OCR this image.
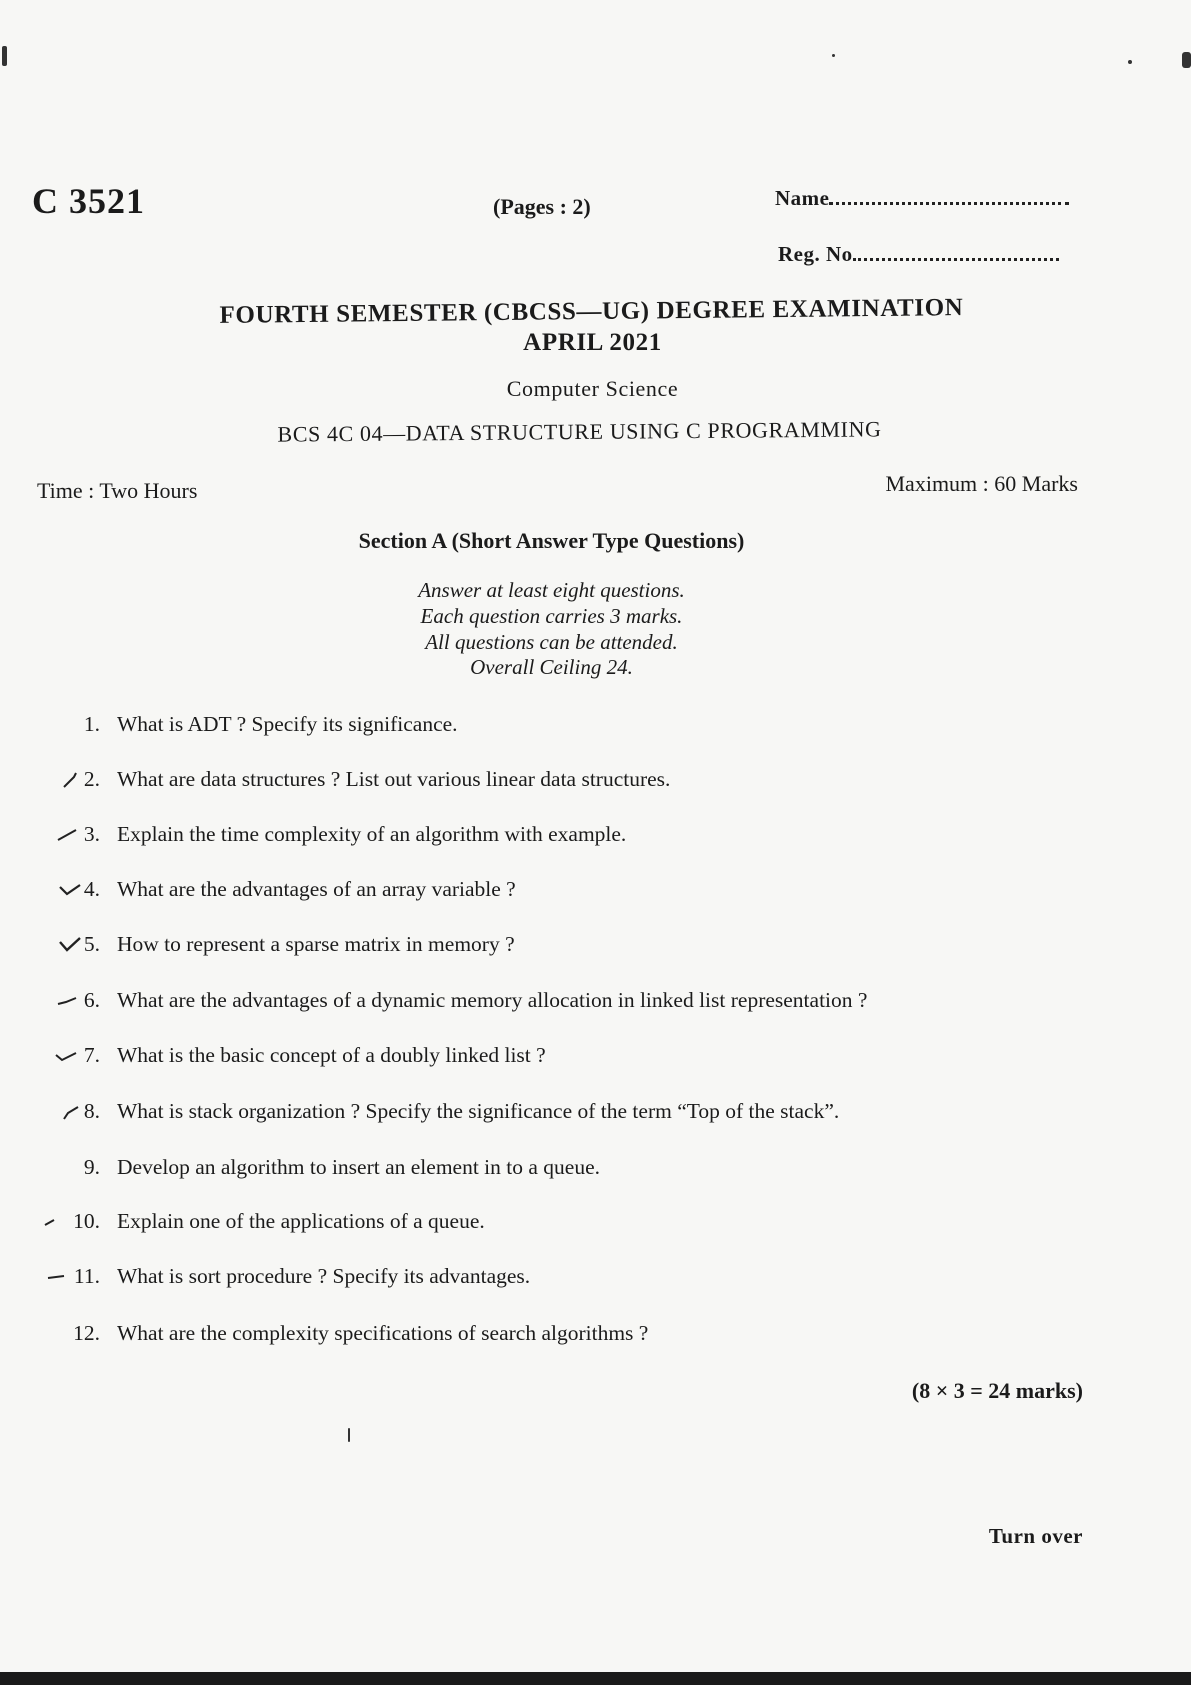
C 3521	(Pages : 2)	Name
Reg. No
FOURTH SEMESTER (CBCSS—UG) DEGREE EXAMINATION
APRIL 2021
Computer Science
BCS 4C 04—DATA STRUCTURE USING C PROGRAMMING
Time : Two Hours	Maximum : 60 Marks
Section A (Short Answer Type Questions)
Answer at least eight questions.
Each question carries 3 marks.
All questions can be attended.
Overall Ceiling 24.
1. What is ADT ? Specify its significance.
2. What are data structures ? List out various linear data structures.
3. Explain the time complexity of an algorithm with example.
4. What are the advantages of an array variable ?
5. How to represent a sparse matrix in memory ?
6. What are the advantages of a dynamic memory allocation in linked list representation ?
7. What is the basic concept of a doubly linked list ?
8. What is stack organization ? Specify the significance of the term “Top of the stack”.
9. Develop an algorithm to insert an element in to a queue.
10. Explain one of the applications of a queue.
11. What is sort procedure ? Specify its advantages.
12. What are the complexity specifications of search algorithms ?
(8 × 3 = 24 marks)
Turn over
